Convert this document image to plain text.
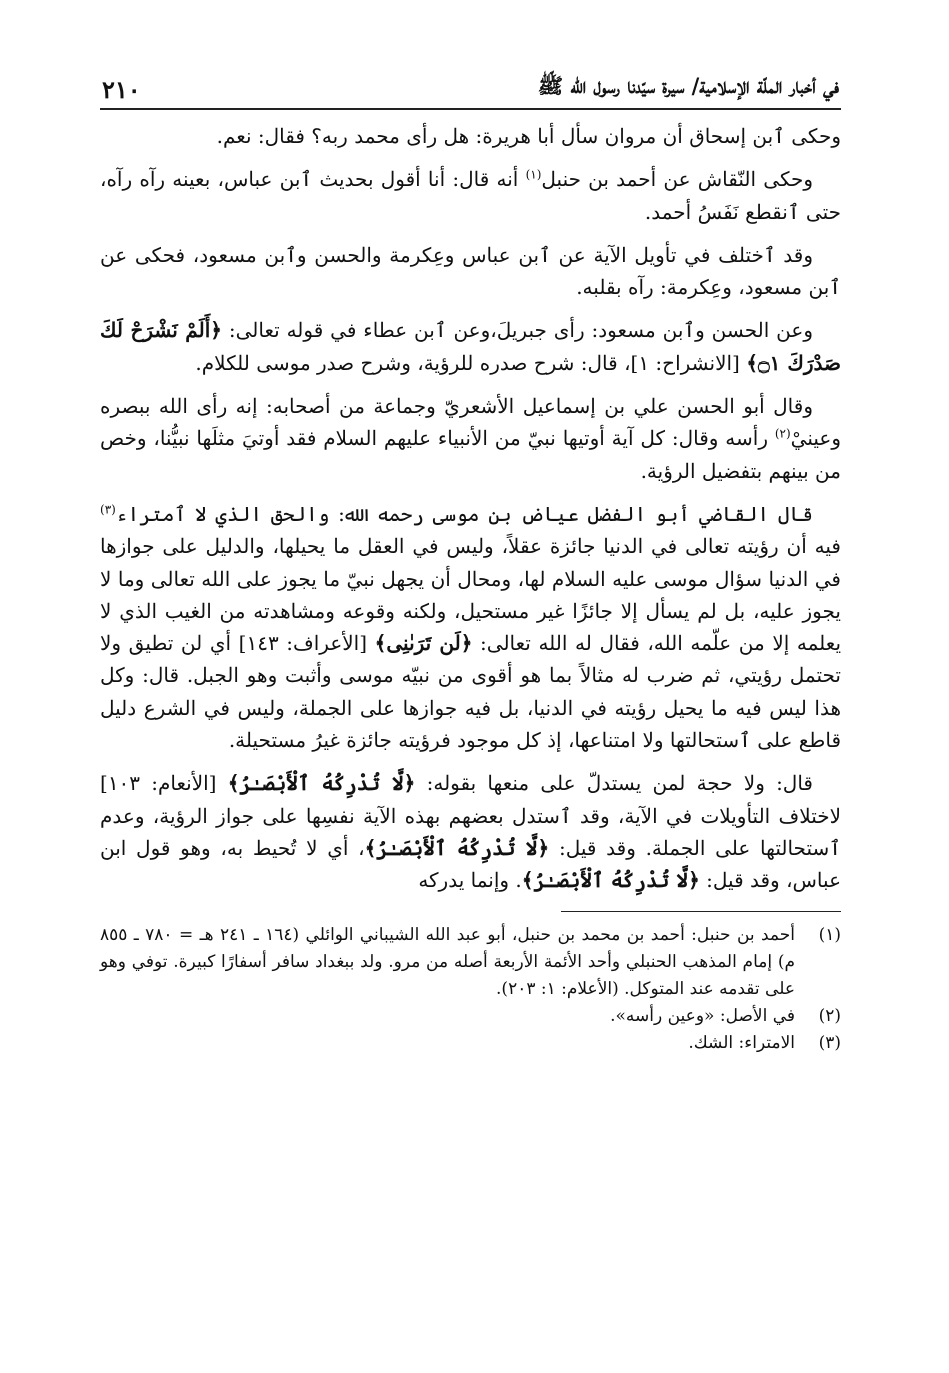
في أخبار الملّة الإسلامية/ سيرة سيّدنا رسول الله ﷺ
٢١٠

وحكى ٱبن إسحاق أن مروان سأل أبا هريرة: هل رأى محمد ربه؟ فقال: نعم.

وحكى النّقاش عن أحمد بن حنبل$^{(١)}$ أنه قال: أنا أقول بحديث ٱبن عباس، بعينه رآه رآه، حتى ٱنقطع نَفَسُ أحمد.

وقد ٱختلف في تأويل الآية عن ٱبن عباس وعِكرمة والحسن وٱبن مسعود، فحكى عن ٱبن مسعود، وعِكرمة: رآه بقلبه.

وعن الحسن وٱبن مسعود: رأى جبريلَ،وعن ٱبن عطاء في قوله تعالى: ﴿أَلَمْ نَشْرَحْ لَكَ صَدْرَكَ ۝١﴾ [الانشراح: ١]، قال: شرح صدره للرؤية، وشرح صدر موسى للكلام.

وقال أبو الحسن علي بن إسماعيل الأشعريّ وجماعة من أصحابه: إنه رأى الله ببصره وعينيْ$^{(٢)}$ رأسه وقال: كل آية أوتيها نبيّ من الأنبياء عليهم السلام فقد أوتيَ مثلَها نبيُّنا، وخص من بينهم بتفضيل الرؤية.

قال القاضي أبو الفضل عياض بن موسى رحمه الله: والحق الذي لا ٱمتراء$^{(٣)}$ فيه أن رؤيته تعالى في الدنيا جائزة عقلاً، وليس في العقل ما يحيلها، والدليل على جوازها في الدنيا سؤال موسى عليه السلام لها، ومحال أن يجهل نبيّ ما يجوز على الله تعالى وما لا يجوز عليه، بل لم يسأل إلا جائزًا غير مستحيل، ولكنه وقوعه ومشاهدته من الغيب الذي لا يعلمه إلا من علّمه الله، فقال له الله تعالى: ﴿لَن تَرَىٰنِى﴾ [الأعراف: ١٤٣] أي لن تطيق ولا تحتمل رؤيتي، ثم ضرب له مثالاً بما هو أقوى من نبيّه موسى وأثبت وهو الجبل. قال: وكل هذا ليس فيه ما يحيل رؤيته في الدنيا، بل فيه جوازها على الجملة، وليس في الشرع دليل قاطع على ٱستحالتها ولا امتناعها، إذ كل موجود فرؤيته جائزة غيرُ مستحيلة.

قال: ولا حجة لمن يستدلّ على منعها بقوله: ﴿لَّا تُدْرِكُهُ ٱلْأَبْصَـٰرُ﴾ [الأنعام: ١٠٣] لاختلاف التأويلات في الآية، وقد ٱستدل بعضهم بهذه الآية نفسِها على جواز الرؤية، وعدم ٱستحالتها على الجملة. وقد قيل: ﴿لَّا تُدْرِكُهُ ٱلْأَبْصَـٰرُ﴾، أي لا تُحيط به، وهو قول ابن عباس، وقد قيل: ﴿لَّا تُدْرِكُهُ ٱلْأَبْصَـٰرُ﴾. وإنما يدركه

(١)
أحمد بن حنبل: أحمد بن محمد بن حنبل، أبو عبد الله الشيباني الوائلي (١٦٤ ـ ٢٤١ هـ = ٧٨٠ ـ ٨٥٥ م) إمام المذهب الحنبلي وأحد الأئمة الأربعة أصله من مرو. ولد ببغداد سافر أسفارًا كبيرة. توفي وهو على تقدمه عند المتوكل. (الأعلام: ١: ٢٠٣).
(٢)
في الأصل: «وعين رأسه».
(٣)
الامتراء: الشك.
